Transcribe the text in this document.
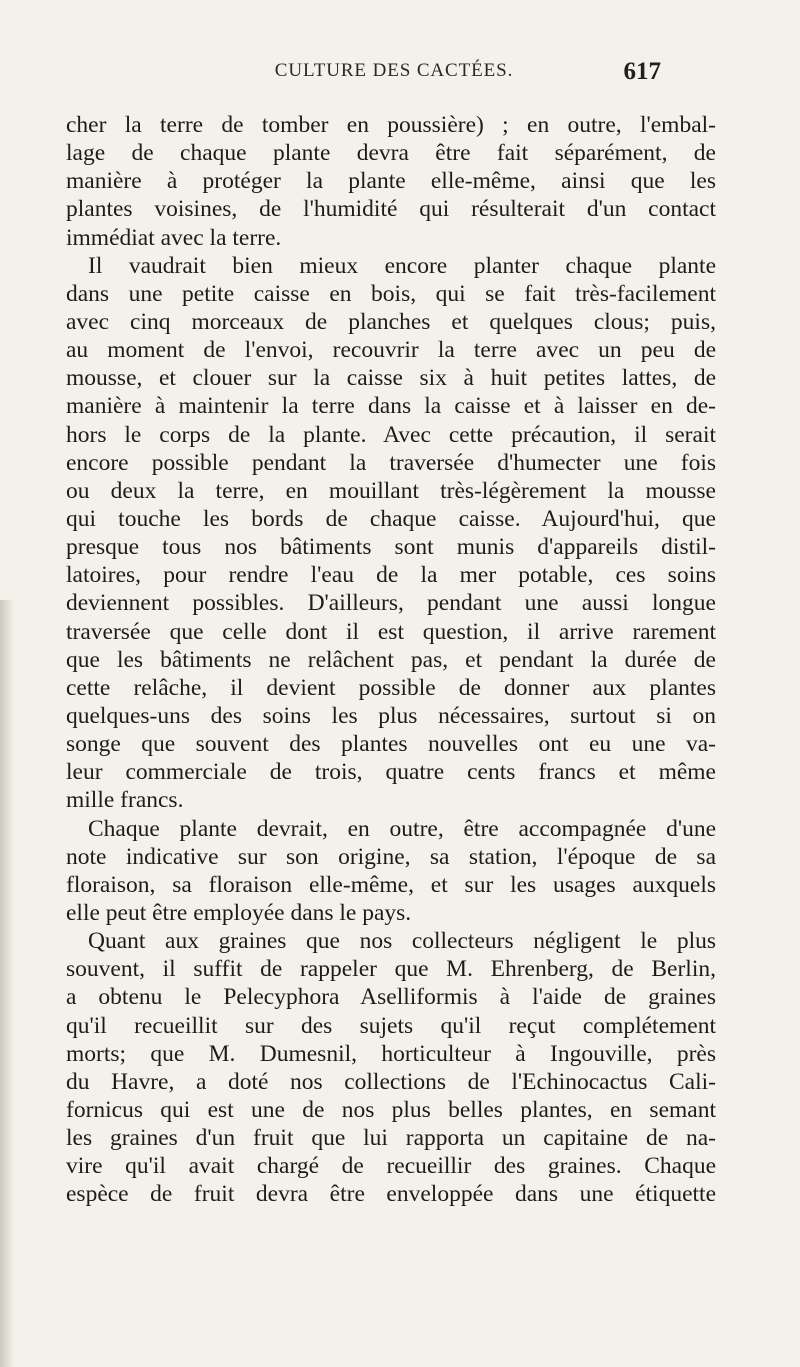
CULTURE DES CACTÉES.	617
cher la terre de tomber en poussière) ; en outre, l'embal-
lage de chaque plante devra être fait séparément, de
manière à protéger la plante elle-même, ainsi que les
plantes voisines, de l'humidité qui résulterait d'un contact
immédiat avec la terre.
Il vaudrait bien mieux encore planter chaque plante
dans une petite caisse en bois, qui se fait très-facilement
avec cinq morceaux de planches et quelques clous; puis,
au moment de l'envoi, recouvrir la terre avec un peu de
mousse, et clouer sur la caisse six à huit petites lattes, de
manière à maintenir la terre dans la caisse et à laisser en de-
hors le corps de la plante. Avec cette précaution, il serait
encore possible pendant la traversée d'humecter une fois
ou deux la terre, en mouillant très-légèrement la mousse
qui touche les bords de chaque caisse. Aujourd'hui, que
presque tous nos bâtiments sont munis d'appareils distil-
latoires, pour rendre l'eau de la mer potable, ces soins
deviennent possibles. D'ailleurs, pendant une aussi longue
traversée que celle dont il est question, il arrive rarement
que les bâtiments ne relâchent pas, et pendant la durée de
cette relâche, il devient possible de donner aux plantes
quelques-uns des soins les plus nécessaires, surtout si on
songe que souvent des plantes nouvelles ont eu une va-
leur commerciale de trois, quatre cents francs et même
mille francs.
Chaque plante devrait, en outre, être accompagnée d'une
note indicative sur son origine, sa station, l'époque de sa
floraison, sa floraison elle-même, et sur les usages auxquels
elle peut être employée dans le pays.
Quant aux graines que nos collecteurs négligent le plus
souvent, il suffit de rappeler que M. Ehrenberg, de Berlin,
a obtenu le Pelecyphora Aselliformis à l'aide de graines
qu'il recueillit sur des sujets qu'il reçut complétement
morts; que M. Dumesnil, horticulteur à Ingouville, près
du Havre, a doté nos collections de l'Echinocactus Cali-
fornicus qui est une de nos plus belles plantes, en semant
les graines d'un fruit que lui rapporta un capitaine de na-
vire qu'il avait chargé de recueillir des graines. Chaque
espèce de fruit devra être enveloppée dans une étiquette
